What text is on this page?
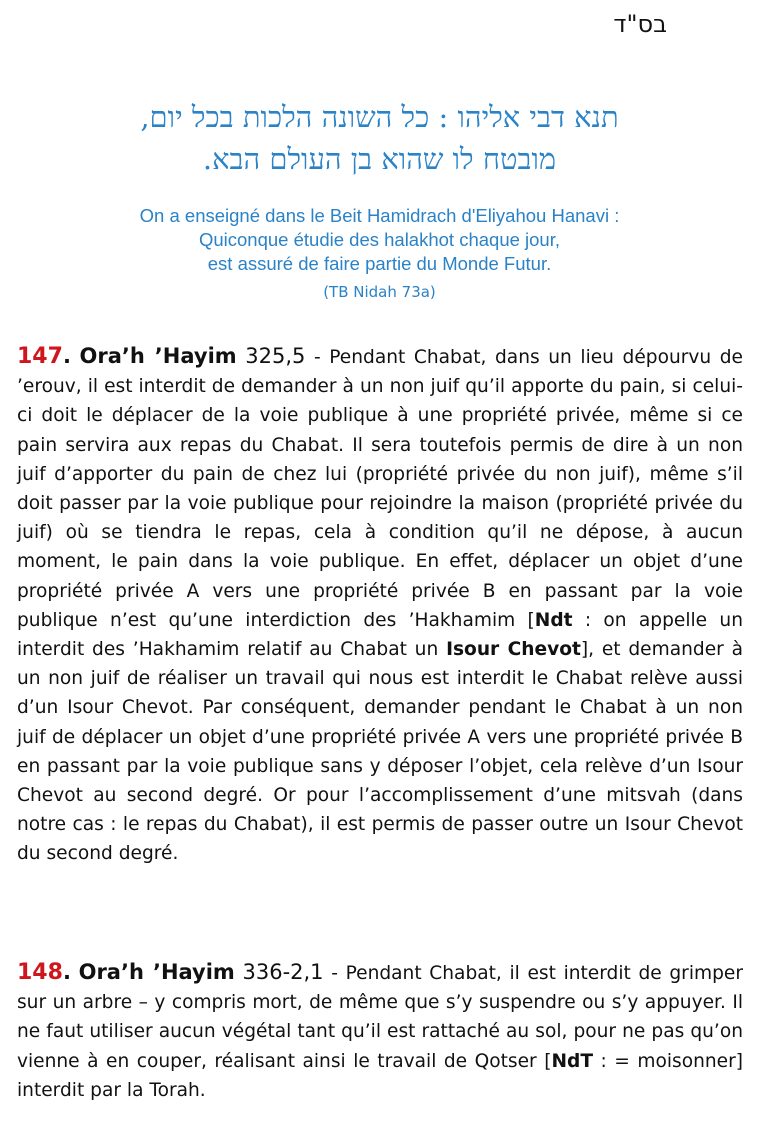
בס"ד
תנא דבי אליהו : כל השונה הלכות בכל יום,
מובטח לו שהוא בן העולם הבא.
On a enseigné dans le Beit Hamidrach d'Eliyahou Hanavi :
Quiconque étudie des halakhot chaque jour,
est assuré de faire partie du Monde Futur.
(TB Nidah 73a)
147. Ora’h ’Hayim 325,5 - Pendant Chabat, dans un lieu dépourvu de ’erouv, il est interdit de demander à un non juif qu’il apporte du pain, si celui-ci doit le déplacer de la voie publique à une propriété privée, même si ce pain servira aux repas du Chabat. Il sera toutefois permis de dire à un non juif d’apporter du pain de chez lui (propriété privée du non juif), même s’il doit passer par la voie publique pour rejoindre la maison (propriété privée du juif) où se tiendra le repas, cela à condition qu’il ne dépose, à aucun moment, le pain dans la voie publique. En effet, déplacer un objet d’une propriété privée A vers une propriété privée B en passant par la voie publique n’est qu’une interdiction des ’Hakhamim [Ndt : on appelle un interdit des ’Hakhamim relatif au Chabat un Isour Chevot], et demander à un non juif de réaliser un travail qui nous est interdit le Chabat relève aussi d’un Isour Chevot. Par conséquent, demander pendant le Chabat à un non juif de déplacer un objet d’une propriété privée A vers une propriété privée B en passant par la voie publique sans y déposer l’objet, cela relève d’un Isour Chevot au second degré. Or pour l’accomplissement d’une mitsvah (dans notre cas : le repas du Chabat), il est permis de passer outre un Isour Chevot du second degré.
148. Ora’h ’Hayim 336-2,1 - Pendant Chabat, il est interdit de grimper sur un arbre – y compris mort, de même que s’y suspendre ou s’y appuyer. Il ne faut utiliser aucun végétal tant qu’il est rattaché au sol, pour ne pas qu’on vienne à en couper, réalisant ainsi le travail de Qotser [NdT : = moisonner] interdit par la Torah.
